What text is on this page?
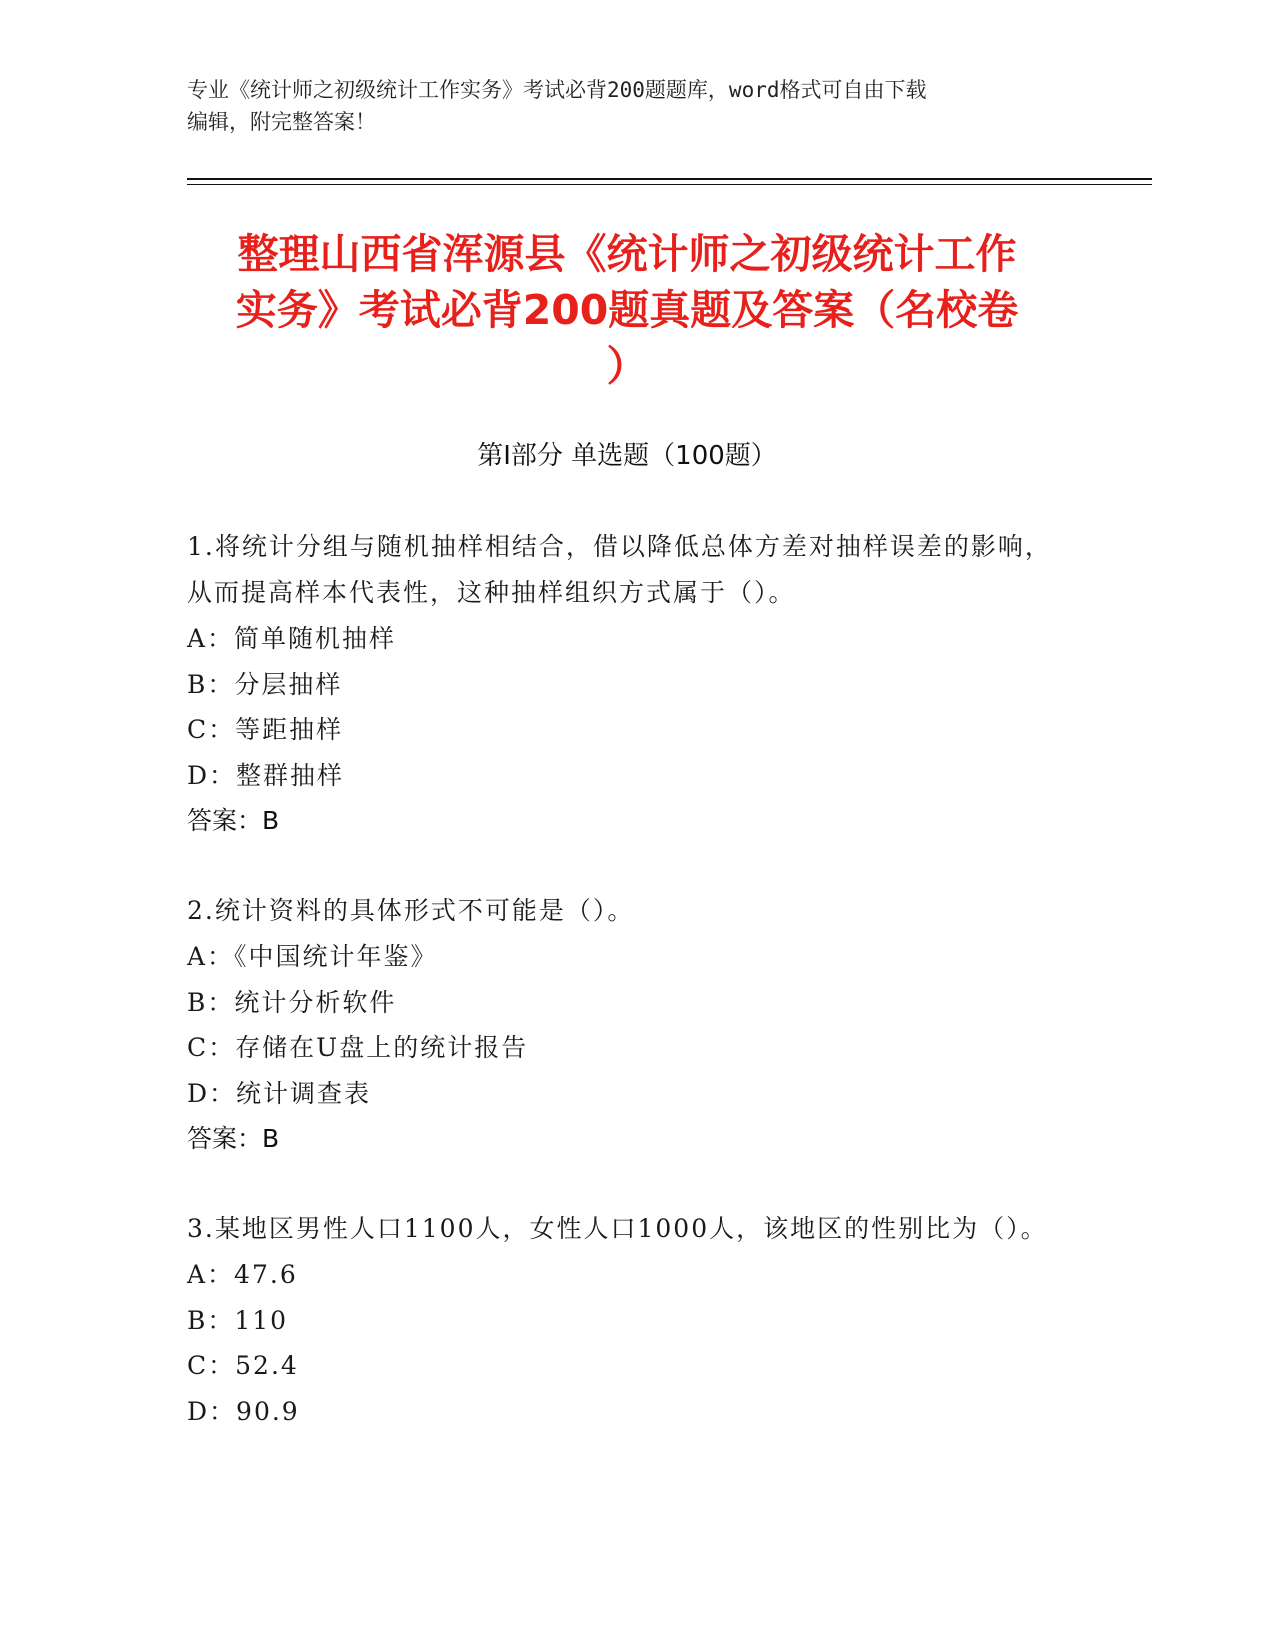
专业《统计师之初级统计工作实务》考试必背200题题库，word格式可自由下载
编辑，附完整答案！
整理山西省浑源县《统计师之初级统计工作
实务》考试必背200题真题及答案（名校卷
）
第Ⅰ部分 单选题（100题）
1.将统计分组与随机抽样相结合，借以降低总体方差对抽样误差的影响，从而提高样本代表性，这种抽样组织方式属于（）。
A：简单随机抽样
B：分层抽样
C：等距抽样
D：整群抽样
答案：B
2.统计资料的具体形式不可能是（）。
A：《中国统计年鉴》
B：统计分析软件
C：存储在U盘上的统计报告
D：统计调查表
答案：B
3.某地区男性人口1100人，女性人口1000人，该地区的性别比为（）。
A：47.6
B：110
C：52.4
D：90.9
